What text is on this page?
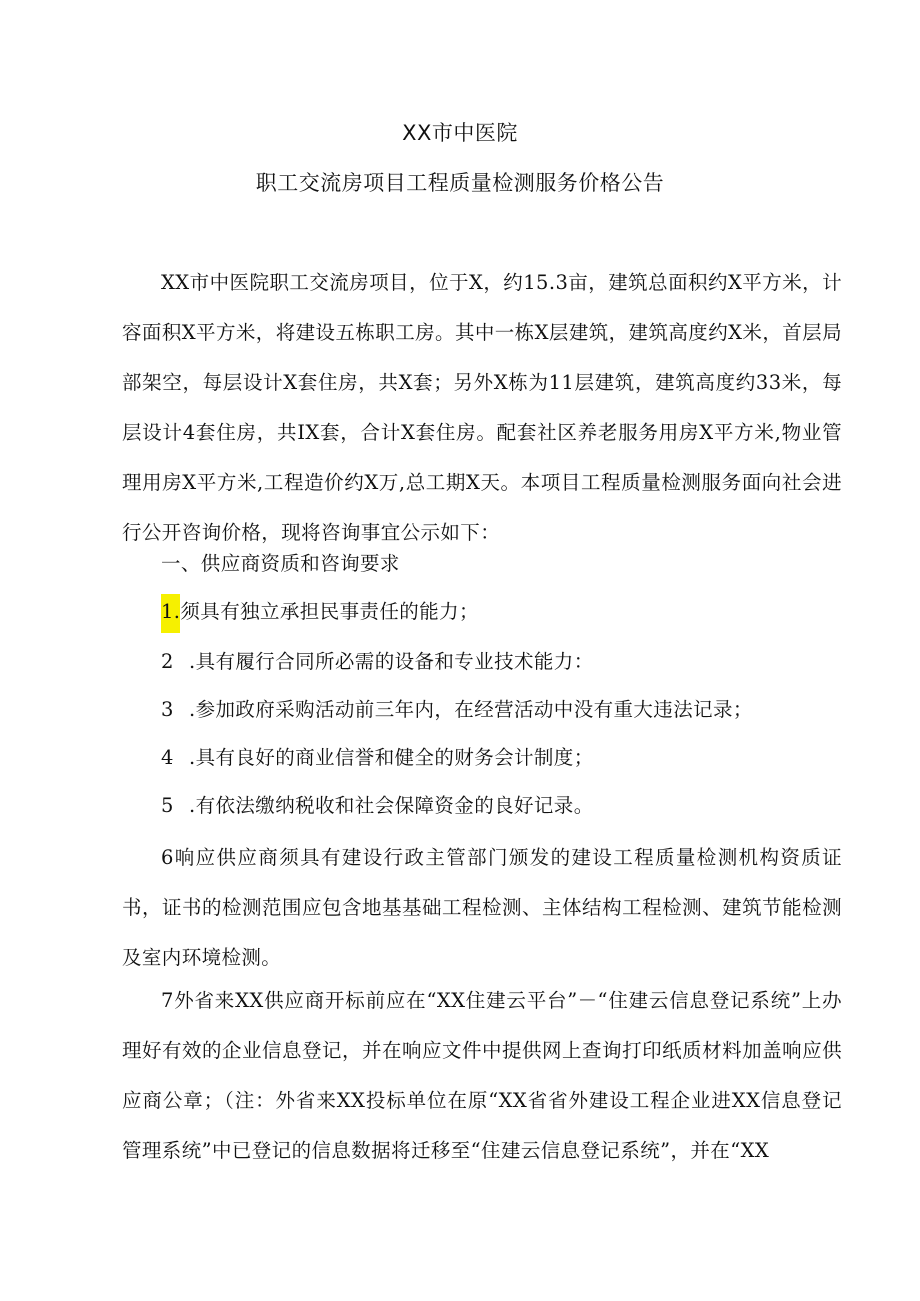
XX市中医院
职工交流房项目工程质量检测服务价格公告

XX市中医院职工交流房项目，位于X，约15.3亩，建筑总面积约X平方米，计容面积X平方米，将建设五栋职工房。其中一栋X层建筑，建筑高度约X米，首层局部架空，每层设计X套住房，共X套；另外X栋为11层建筑，建筑高度约33米，每层设计4套住房，共IX套，合计X套住房。配套社区养老服务用房X平方米,物业管理用房X平方米,工程造价约X万,总工期X天。本项目工程质量检测服务面向社会进行公开咨询价格，现将咨询事宜公示如下：

一、供应商资质和咨询要求
1.须具有独立承担民事责任的能力；
2 .具有履行合同所必需的设备和专业技术能力：
3 .参加政府采购活动前三年内，在经营活动中没有重大违法记录；
4 .具有良好的商业信誉和健全的财务会计制度；
5 .有依法缴纳税收和社会保障资金的良好记录。

6响应供应商须具有建设行政主管部门颁发的建设工程质量检测机构资质证书，证书的检测范围应包含地基基础工程检测、主体结构工程检测、建筑节能检测及室内环境检测。

7外省来XX供应商开标前应在“XX住建云平台”－“住建云信息登记系统”上办理好有效的企业信息登记，并在响应文件中提供网上查询打印纸质材料加盖响应供应商公章；（注：外省来XX投标单位在原“XX省省外建设工程企业进XX信息登记管理系统”中已登记的信息数据将迁移至“住建云信息登记系统”，并在“XX
